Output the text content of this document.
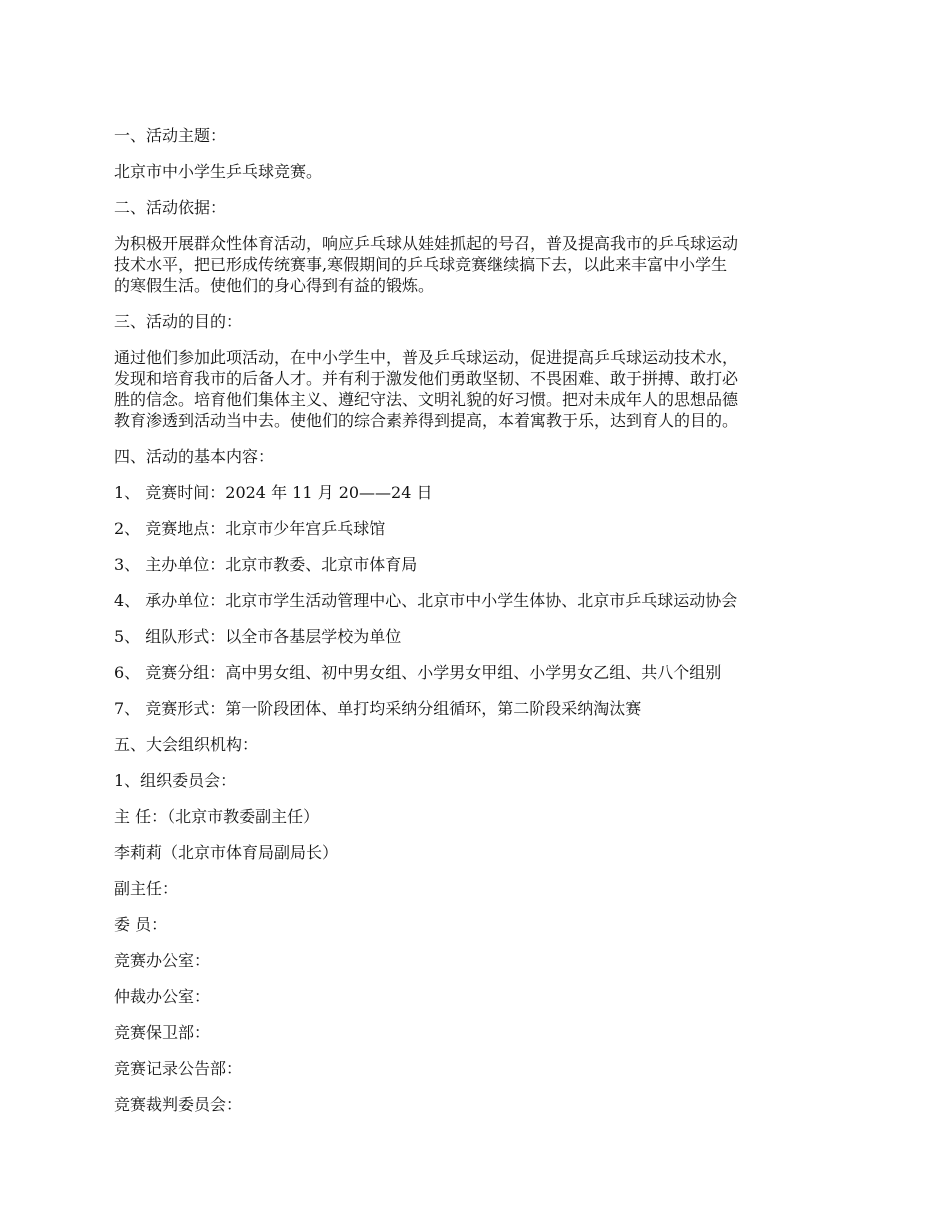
一、活动主题：
北京市中小学生乒乓球竞赛。
二、活动依据：
为积极开展群众性体育活动，响应乒乓球从娃娃抓起的号召，普及提高我市的乒乓球运动
技术水平，把已形成传统赛事,寒假期间的乒乓球竞赛继续搞下去，以此来丰富中小学生
的寒假生活。使他们的身心得到有益的锻炼。
三、活动的目的：
通过他们参加此项活动，在中小学生中，普及乒乓球运动，促进提高乒乓球运动技术水，
发现和培育我市的后备人才。并有利于激发他们勇敢坚韧、不畏困难、敢于拼搏、敢打必
胜的信念。培育他们集体主义、遵纪守法、文明礼貌的好习惯。把对未成年人的思想品德
教育渗透到活动当中去。使他们的综合素养得到提高，本着寓教于乐，达到育人的目的。
四、活动的基本内容：
1、 竞赛时间：2024 年 11 月 20——24 日
2、 竞赛地点：北京市少年宫乒乓球馆
3、 主办单位：北京市教委、北京市体育局
4、 承办单位：北京市学生活动管理中心、北京市中小学生体协、北京市乒乓球运动协会
5、 组队形式：以全市各基层学校为单位
6、 竞赛分组：高中男女组、初中男女组、小学男女甲组、小学男女乙组、共八个组别
7、 竞赛形式：第一阶段团体、单打均采纳分组循环，第二阶段采纳淘汰赛
五、大会组织机构：
1、组织委员会：
主 任：（北京市教委副主任）
李莉莉（北京市体育局副局长）
副主任：
委 员：
竞赛办公室：
仲裁办公室：
竞赛保卫部：
竞赛记录公告部：
竞赛裁判委员会：
